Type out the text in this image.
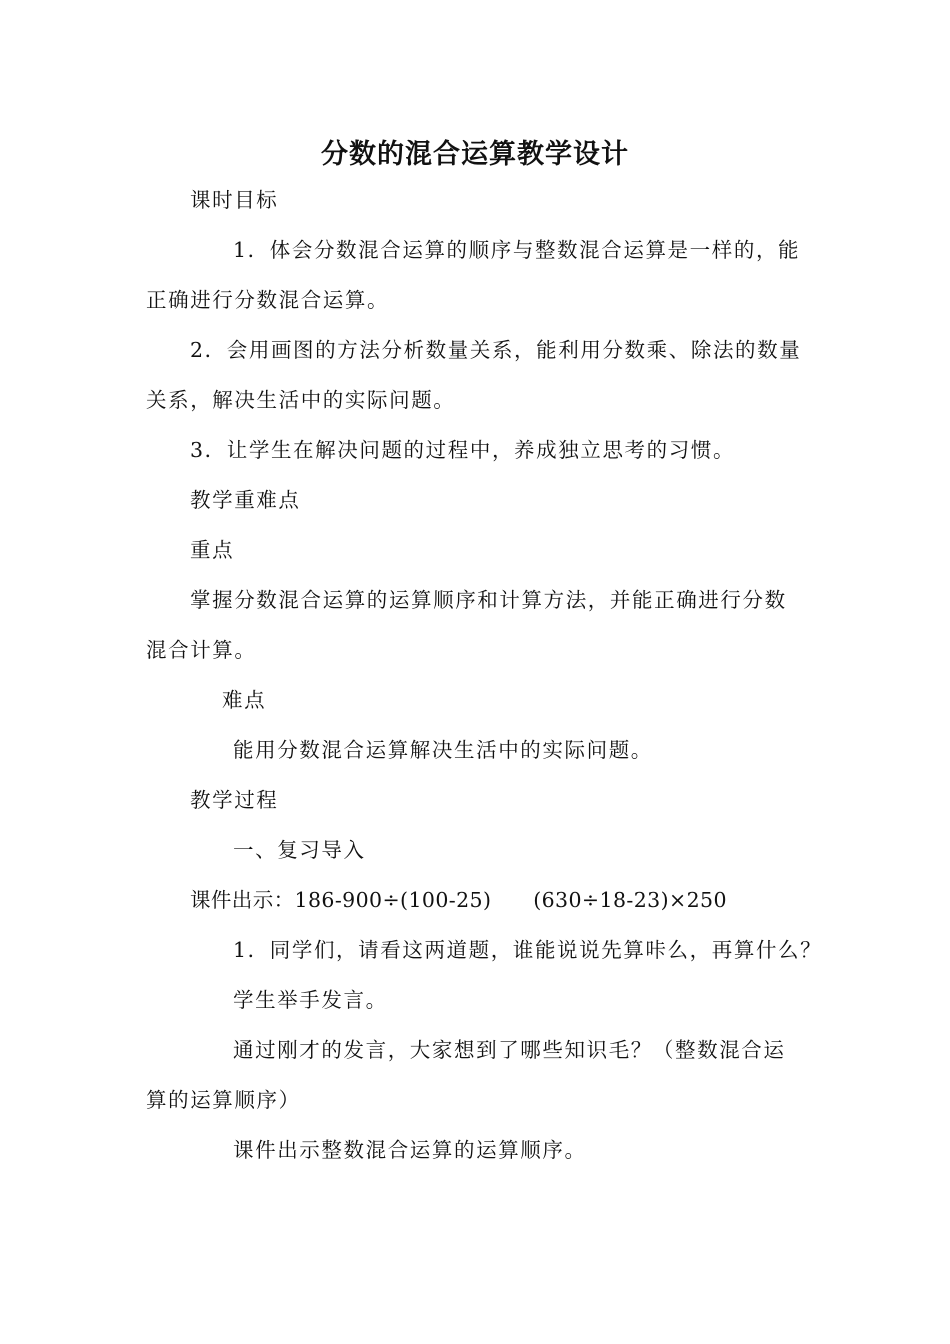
分数的混合运算教学设计
课时目标
1．体会分数混合运算的顺序与整数混合运算是一样的，能
正确进行分数混合运算。
2．会用画图的方法分析数量关系，能利用分数乘、除法的数量
关系，解决生活中的实际问题。
3．让学生在解决问题的过程中，养成独立思考的习惯。
教学重难点
重点
掌握分数混合运算的运算顺序和计算方法，并能正确进行分数
混合计算。
难点
能用分数混合运算解决生活中的实际问题。
教学过程
一、复习导入
课件出示：186-900÷(100-25)　　(630÷18-23)×250
1．同学们，请看这两道题，谁能说说先算咔么，再算什么？
学生举手发言。
通过刚才的发言，大家想到了哪些知识毛？（整数混合运
算的运算顺序）
课件出示整数混合运算的运算顺序。
